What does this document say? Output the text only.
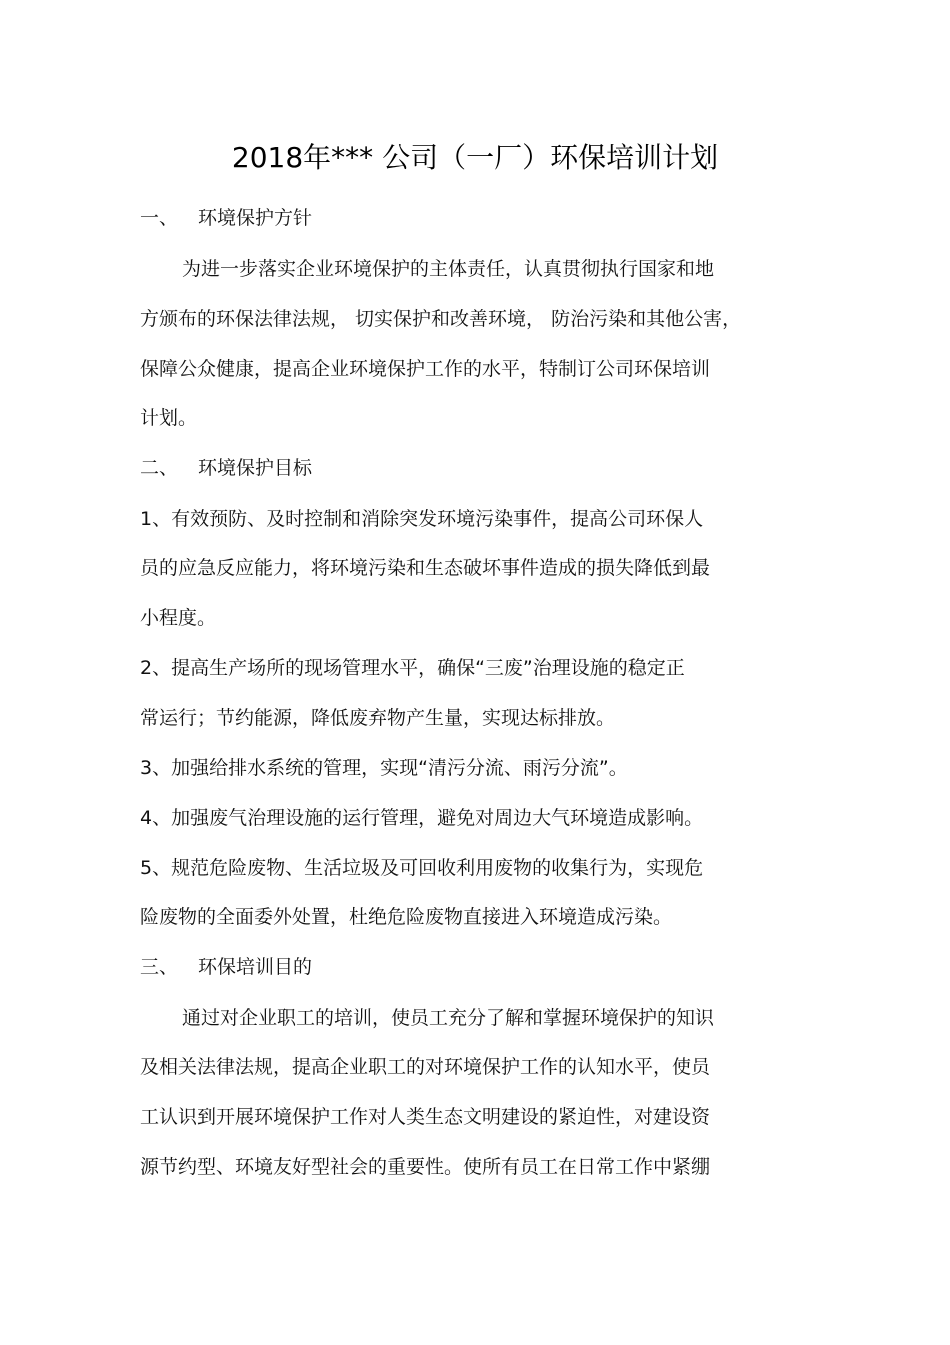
2018年*** 公司（一厂）环保培训计划
一、 环境保护方针
为进一步落实企业环境保护的主体责任，认真贯彻执行国家和地
方颁布的环保法律法规， 切实保护和改善环境， 防治污染和其他公害，
保障公众健康，提高企业环境保护工作的水平，特制订公司环保培训
计划。
二、 环境保护目标
1、有效预防、及时控制和消除突发环境污染事件，提高公司环保人
员的应急反应能力，将环境污染和生态破坏事件造成的损失降低到最
小程度。
2、提高生产场所的现场管理水平，确保“三废”治理设施的稳定正
常运行；节约能源，降低废弃物产生量，实现达标排放。
3、加强给排水系统的管理，实现“清污分流、雨污分流”。
4、加强废气治理设施的运行管理，避免对周边大气环境造成影响。
5、规范危险废物、生活垃圾及可回收利用废物的收集行为，实现危
险废物的全面委外处置，杜绝危险废物直接进入环境造成污染。
三、 环保培训目的
通过对企业职工的培训，使员工充分了解和掌握环境保护的知识
及相关法律法规，提高企业职工的对环境保护工作的认知水平，使员
工认识到开展环境保护工作对人类生态文明建设的紧迫性，对建设资
源节约型、环境友好型社会的重要性。使所有员工在日常工作中紧绷
